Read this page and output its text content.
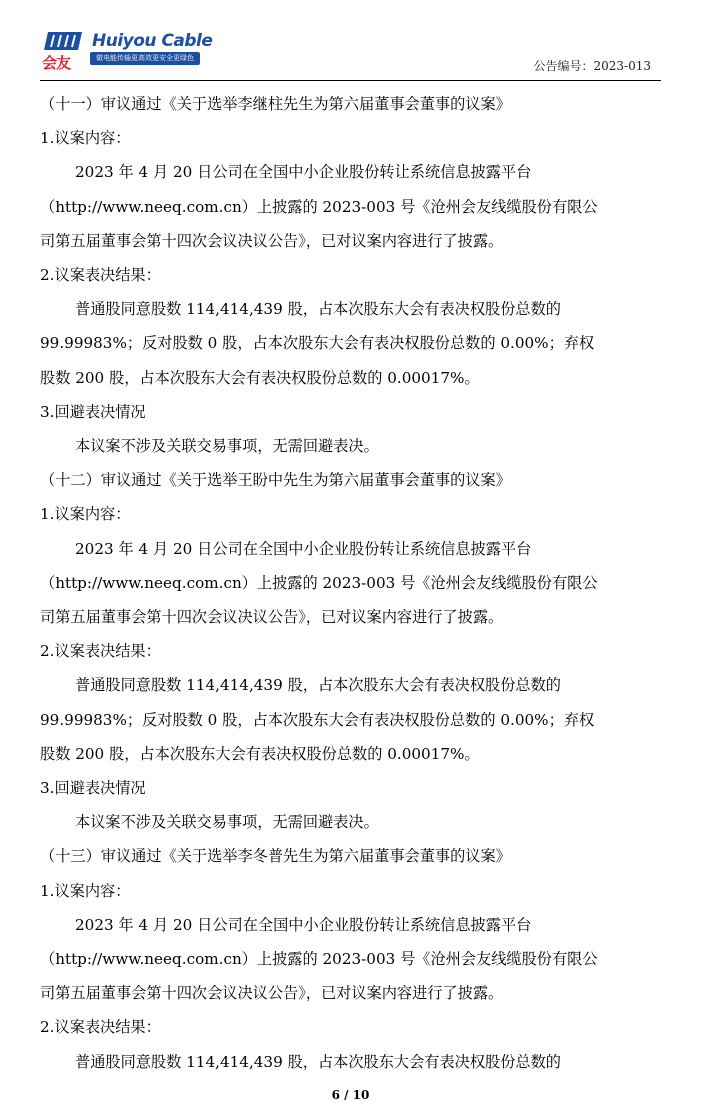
会友
Huiyou Cable
做电能传输更高效更安全更绿色
公告编号：2023-013

（十一）审议通过《关于选举李继柱先生为第六届董事会董事的议案》

1.议案内容：

2023 年 4 月 20 日公司在全国中小企业股份转让系统信息披露平台

（http://www.neeq.com.cn）上披露的 2023-003 号《沧州会友线缆股份有限公

司第五届董事会第十四次会议决议公告》，已对议案内容进行了披露。

2.议案表决结果：

普通股同意股数 114,414,439 股，占本次股东大会有表决权股份总数的

99.99983%；反对股数 0 股，占本次股东大会有表决权股份总数的 0.00%；弃权

股数 200 股，占本次股东大会有表决权股份总数的 0.00017%。

3.回避表决情况

本议案不涉及关联交易事项，无需回避表决。

（十二）审议通过《关于选举王盼中先生为第六届董事会董事的议案》

1.议案内容：

2023 年 4 月 20 日公司在全国中小企业股份转让系统信息披露平台

（http://www.neeq.com.cn）上披露的 2023-003 号《沧州会友线缆股份有限公

司第五届董事会第十四次会议决议公告》，已对议案内容进行了披露。

2.议案表决结果：

普通股同意股数 114,414,439 股，占本次股东大会有表决权股份总数的

99.99983%；反对股数 0 股，占本次股东大会有表决权股份总数的 0.00%；弃权

股数 200 股，占本次股东大会有表决权股份总数的 0.00017%。

3.回避表决情况

本议案不涉及关联交易事项，无需回避表决。

（十三）审议通过《关于选举李冬普先生为第六届董事会董事的议案》

1.议案内容：

2023 年 4 月 20 日公司在全国中小企业股份转让系统信息披露平台

（http://www.neeq.com.cn）上披露的 2023-003 号《沧州会友线缆股份有限公

司第五届董事会第十四次会议决议公告》，已对议案内容进行了披露。

2.议案表决结果：

普通股同意股数 114,414,439 股，占本次股东大会有表决权股份总数的

6 / 10
